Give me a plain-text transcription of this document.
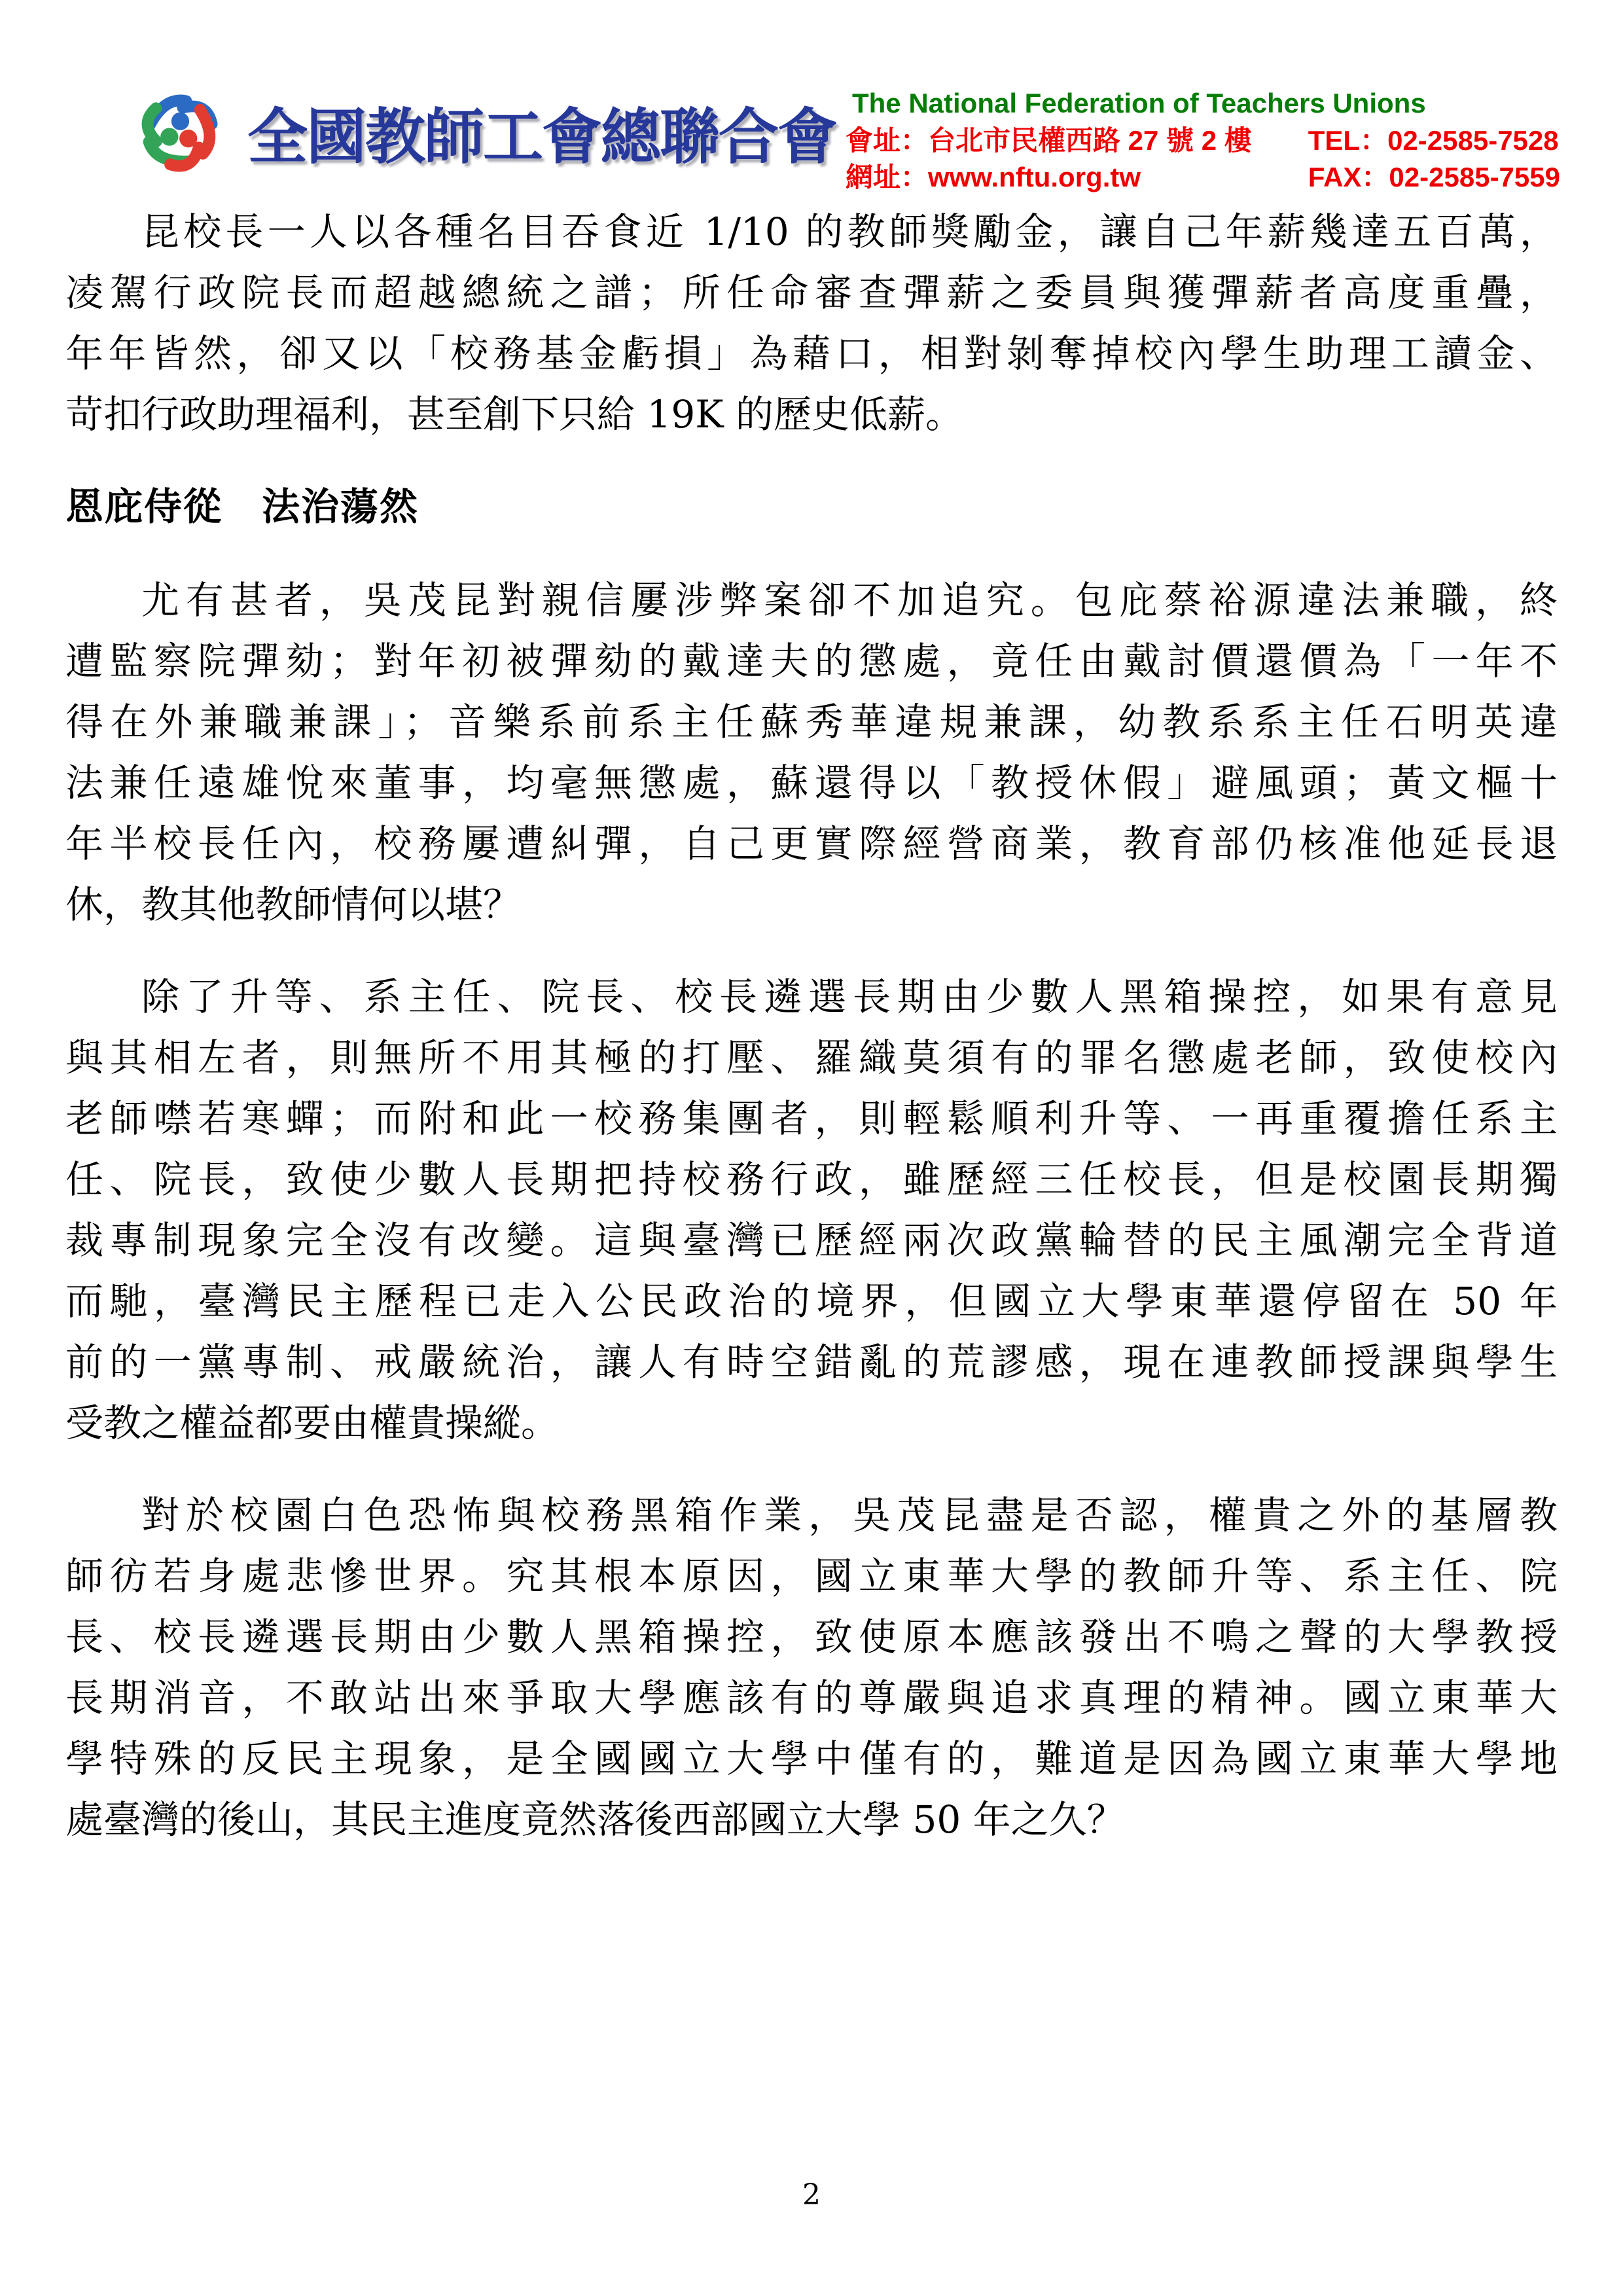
全國教師工會總聯合會 The National Federation of Teachers Unions
會址：台北市民權西路 27 號 2 樓 TEL：02-2585-7528
網址：www.nftu.org.tw	FAX：02-2585-7559
昆校長一人以各種名目吞食近 1/10 的教師獎勵金，讓自己年薪幾達五百萬，
凌駕行政院長而超越總統之譜；所任命審查彈薪之委員與獲彈薪者高度重疊，
年年皆然，卻又以「校務基金虧損」為藉口，相對剝奪掉校內學生助理工讀金、
苛扣行政助理福利，甚至創下只給 19K 的歷史低薪。
恩庇侍從　法治蕩然
尤有甚者，吳茂昆對親信屢涉弊案卻不加追究。包庇蔡裕源違法兼職，終
遭監察院彈劾；對年初被彈劾的戴達夫的懲處，竟任由戴討價還價為「一年不
得在外兼職兼課」；音樂系前系主任蘇秀華違規兼課，幼教系系主任石明英違
法兼任遠雄悅來董事，均毫無懲處，蘇還得以「教授休假」避風頭；黃文樞十
年半校長任內，校務屢遭糾彈，自己更實際經營商業，教育部仍核准他延長退
休，教其他教師情何以堪？
除了升等、系主任、院長、校長遴選長期由少數人黑箱操控，如果有意見
與其相左者，則無所不用其極的打壓、羅織莫須有的罪名懲處老師，致使校內
老師噤若寒蟬；而附和此一校務集團者，則輕鬆順利升等、一再重覆擔任系主
任、院長，致使少數人長期把持校務行政，雖歷經三任校長，但是校園長期獨
裁專制現象完全沒有改變。這與臺灣已歷經兩次政黨輪替的民主風潮完全背道
而馳，臺灣民主歷程已走入公民政治的境界，但國立大學東華還停留在 50 年
前的一黨專制、戒嚴統治，讓人有時空錯亂的荒謬感，現在連教師授課與學生
受教之權益都要由權貴操縱。
對於校園白色恐怖與校務黑箱作業，吳茂昆盡是否認，權貴之外的基層教
師彷若身處悲慘世界。究其根本原因，國立東華大學的教師升等、系主任、院
長、校長遴選長期由少數人黑箱操控，致使原本應該發出不鳴之聲的大學教授
長期消音，不敢站出來爭取大學應該有的尊嚴與追求真理的精神。國立東華大
學特殊的反民主現象，是全國國立大學中僅有的，難道是因為國立東華大學地
處臺灣的後山，其民主進度竟然落後西部國立大學 50 年之久？
2
